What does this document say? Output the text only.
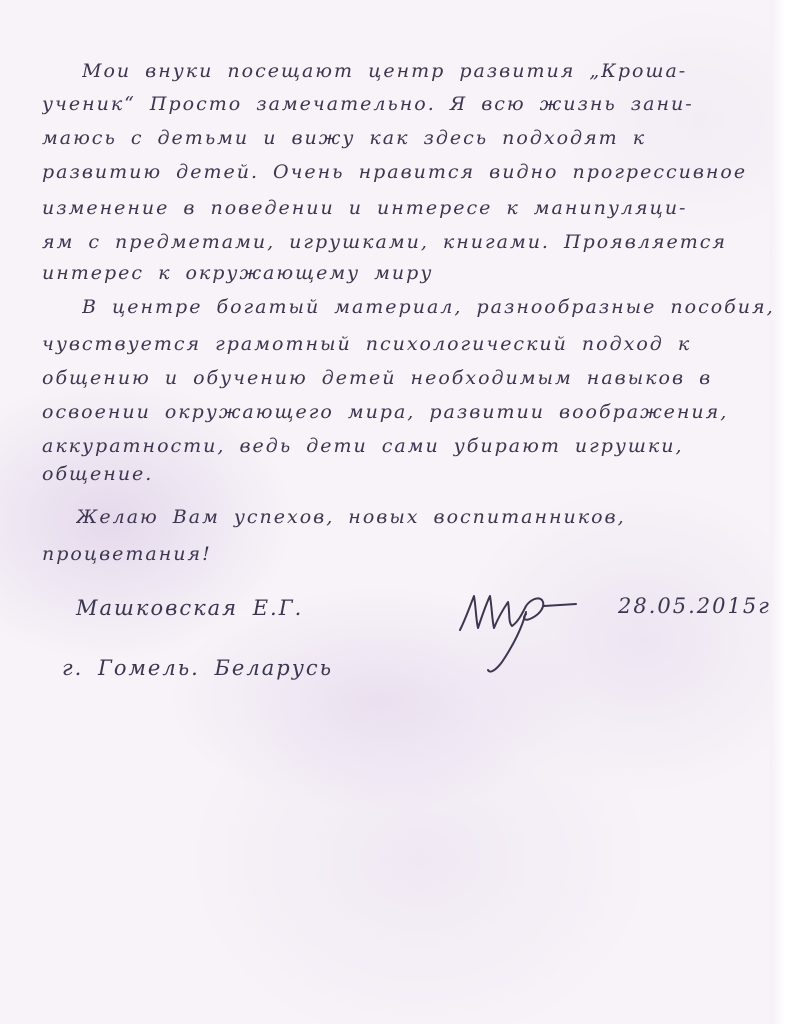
Мои внуки посещают центр развития „Кроша-
ученик“ Просто замечательно. Я всю жизнь зани-
маюсь с детьми и вижу как здесь подходят к
развитию детей. Очень нравится видно прогрессивное
изменение в поведении и интересе к манипуляци-
ям с предметами, игрушками, книгами. Проявляется
интерес к окружающему миру
В центре богатый материал, разнообразные пособия,
чувствуется грамотный психологический подход к
общению и обучению детей необходимым навыков в
освоении окружающего мира, развитии воображения,
аккуратности, ведь дети сами убирают игрушки,
общение.
Желаю Вам успехов, новых воспитанников,
процветания!
Машковская Е.Г.	28.05.2015г
г. Гомель. Беларусь
